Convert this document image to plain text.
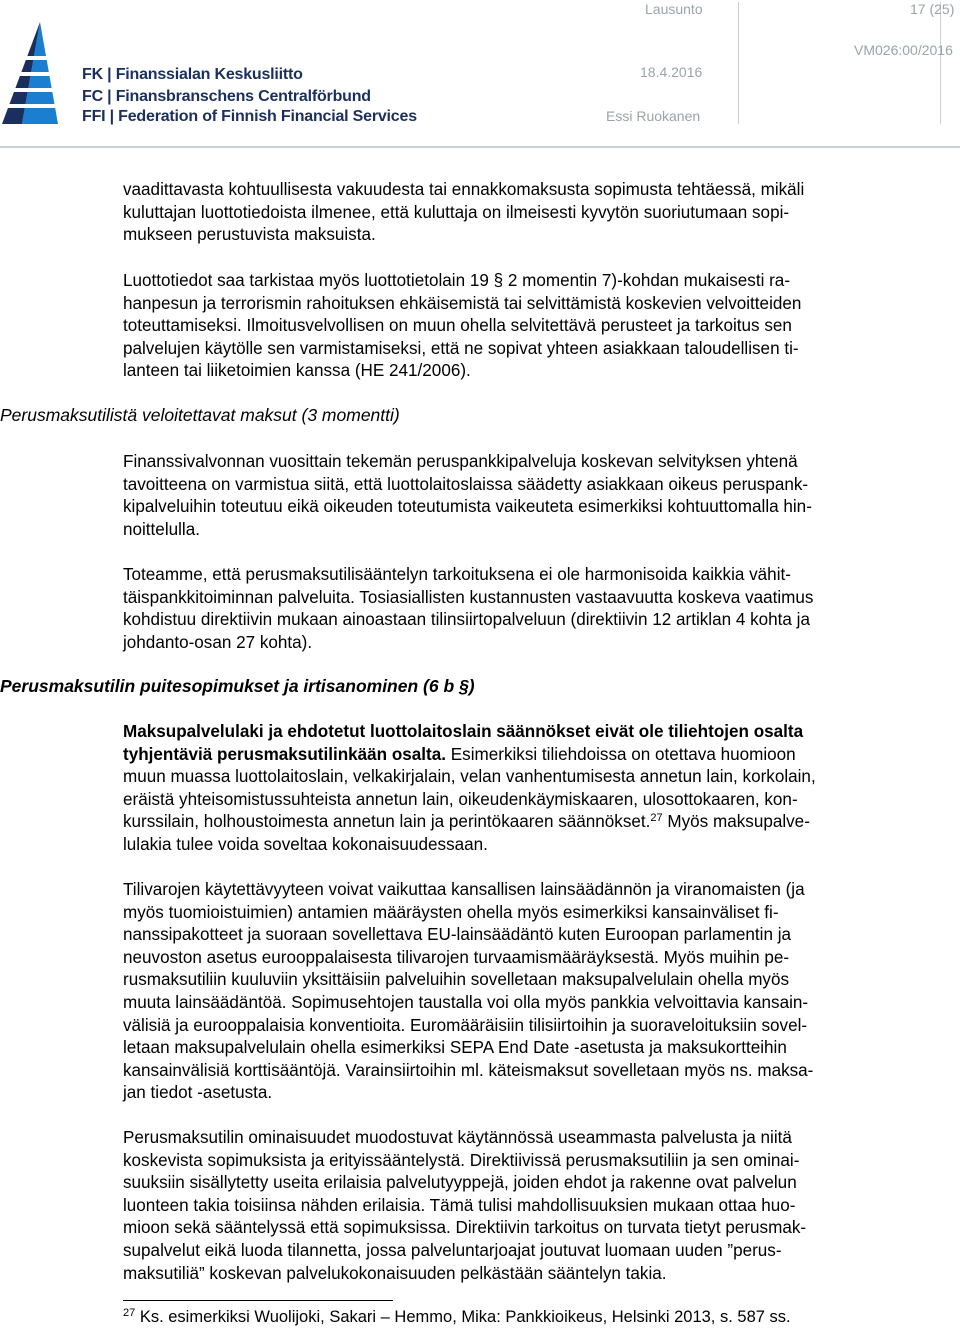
FK | Finanssialan Keskusliitto
FC | Finansbranschens Centralförbund
FFI | Federation of Finnish Financial Services
Lausunto	17 (25)
18.4.2016
VM026:00/2016
Essi Ruokanen
vaadittavasta kohtuullisesta vakuudesta tai ennakkomaksusta sopimusta tehtäessä, mikäli
kuluttajan luottotiedoista ilmenee, että kuluttaja on ilmeisesti kyvytön suoriutumaan sopi-
mukseen perustuvista maksuista.
Luottotiedot saa tarkistaa myös luottotietolain 19 § 2 momentin 7)-kohdan mukaisesti ra-
hanpesun ja terrorismin rahoituksen ehkäisemistä tai selvittämistä koskevien velvoitteiden
toteuttamiseksi. Ilmoitusvelvollisen on muun ohella selvitettävä perusteet ja tarkoitus sen
palvelujen käytölle sen varmistamiseksi, että ne sopivat yhteen asiakkaan taloudellisen ti-
lanteen tai liiketoimien kanssa (HE 241/2006).
Perusmaksutilistä veloitettavat maksut (3 momentti)
Finanssivalvonnan vuosittain tekemän peruspankkipalveluja koskevan selvityksen yhtenä
tavoitteena on varmistua siitä, että luottolaitoslaissa säädetty asiakkaan oikeus peruspank-
kipalveluihin toteutuu eikä oikeuden toteutumista vaikeuteta esimerkiksi kohtuuttomalla hin-
noittelulla.
Toteamme, että perusmaksutilisääntelyn tarkoituksena ei ole harmonisoida kaikkia vähit-
täispankkitoiminnan palveluita. Tosiasiallisten kustannusten vastaavuutta koskeva vaatimus
kohdistuu direktiivin mukaan ainoastaan tilinsiirtopalveluun (direktiivin 12 artiklan 4 kohta ja
johdanto-osan 27 kohta).
Perusmaksutilin puitesopimukset ja irtisanominen (6 b §)
Maksupalvelulaki ja ehdotetut luottolaitoslain säännökset eivät ole tiliehtojen osalta
tyhjentäviä perusmaksutilinkään osalta. Esimerkiksi tiliehdoissa on otettava huomioon
muun muassa luottolaitoslain, velkakirjalain, velan vanhentumisesta annetun lain, korkolain,
eräistä yhteisomistussuhteista annetun lain, oikeudenkäymiskaaren, ulosottokaaren, kon-
kurssilain, holhoustoimesta annetun lain ja perintökaaren säännökset.$^{27}$ Myös maksupalve-
lulakia tulee voida soveltaa kokonaisuudessaan.
Tilivarojen käytettävyyteen voivat vaikuttaa kansallisen lainsäädännön ja viranomaisten (ja
myös tuomioistuimien) antamien määräysten ohella myös esimerkiksi kansainväliset fi-
nanssipakotteet ja suoraan sovellettava EU-lainsäädäntö kuten Euroopan parlamentin ja
neuvoston asetus eurooppalaisesta tilivarojen turvaamismääräyksestä. Myös muihin pe-
rusmaksutiliin kuuluviin yksittäisiin palveluihin sovelletaan maksupalvelulain ohella myös
muuta lainsäädäntöä. Sopimusehtojen taustalla voi olla myös pankkia velvoittavia kansain-
välisiä ja eurooppalaisia konventioita. Euromääräisiin tilisiirtoihin ja suoraveloituksiin sovel-
letaan maksupalvelulain ohella esimerkiksi SEPA End Date -asetusta ja maksukortteihin
kansainvälisiä korttisääntöjä. Varainsiirtoihin ml. käteismaksut sovelletaan myös ns. maksa-
jan tiedot -asetusta.
Perusmaksutilin ominaisuudet muodostuvat käytännössä useammasta palvelusta ja niitä
koskevista sopimuksista ja erityissääntelystä. Direktiivissä perusmaksutiliin ja sen ominai-
suuksiin sisällytetty useita erilaisia palvelutyyppejä, joiden ehdot ja rakenne ovat palvelun
luonteen takia toisiinsa nähden erilaisia. Tämä tulisi mahdollisuuksien mukaan ottaa huo-
mioon sekä sääntelyssä että sopimuksissa. Direktiivin tarkoitus on turvata tietyt perusmak-
supalvelut eikä luoda tilannetta, jossa palveluntarjoajat joutuvat luomaan uuden ”perus-
maksutiliä” koskevan palvelukokonaisuuden pelkästään sääntelyn takia.
$^{27}$ Ks. esimerkiksi Wuolijoki, Sakari – Hemmo, Mika: Pankkioikeus, Helsinki 2013, s. 587 ss.
